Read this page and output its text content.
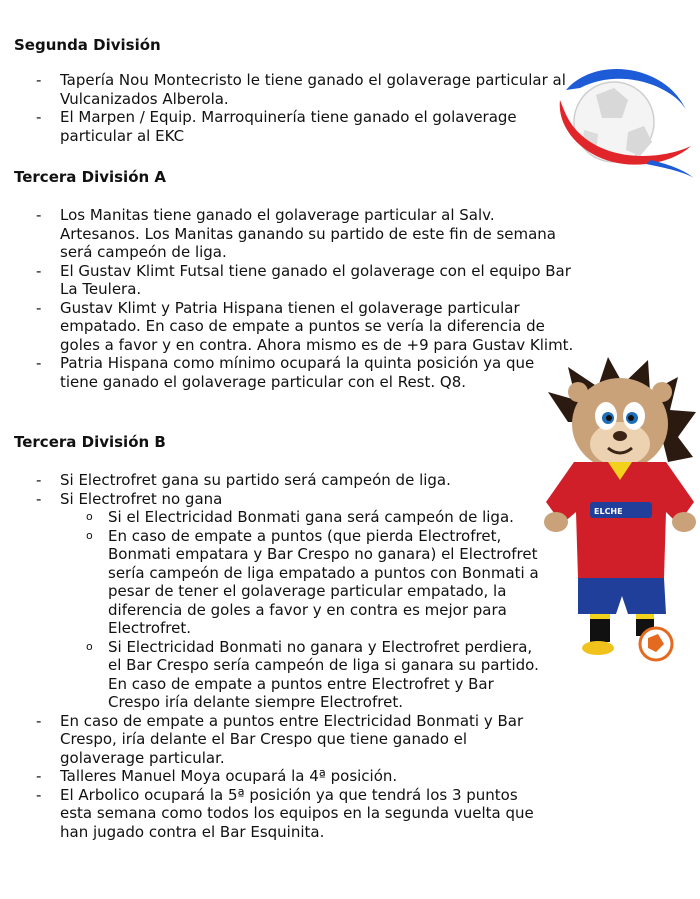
Segunda División
- Tapería Nou Montecristo le tiene ganado el golaverage particular al Vulcanizados Alberola.
- El Marpen / Equip. Marroquinería tiene ganado el golaverage particular al EKC
Tercera División A
- Los Manitas tiene ganado el golaverage particular al Salv. Artesanos. Los Manitas ganando su partido de este fin de semana será campeón de liga.
- El Gustav Klimt Futsal tiene ganado el golaverage con el equipo Bar La Teulera.
- Gustav Klimt y Patria Hispana tienen el golaverage particular empatado. En caso de empate a puntos se vería la diferencia de goles a favor y en contra. Ahora mismo es de +9 para Gustav Klimt.
- Patria Hispana como mínimo ocupará la quinta posición ya que tiene ganado el golaverage particular con el Rest. Q8.
Tercera División B
- Si Electrofret gana su partido será campeón de liga.
- Si Electrofret no gana
o Si el Electricidad Bonmati gana será campeón de liga.
o En caso de empate a puntos (que pierda Electrofret, Bonmati empatara y Bar Crespo no ganara) el Electrofret sería campeón de liga empatado a puntos con Bonmati a pesar de tener el golaverage particular empatado, la diferencia de goles a favor y en contra es mejor para Electrofret.
o Si Electricidad Bonmati no ganara y Electrofret perdiera, el Bar Crespo sería campeón de liga si ganara su partido. En caso de empate a puntos entre Electrofret y Bar Crespo iría delante siempre Electrofret.
- En caso de empate a puntos entre Electricidad Bonmati y Bar Crespo, iría delante el Bar Crespo que tiene ganado el golaverage particular.
- Talleres Manuel Moya ocupará la 4ª posición.
- El Arbolico ocupará la 5ª posición ya que tendrá los 3 puntos esta semana como todos los equipos en la segunda vuelta que han jugado contra el Bar Esquinita.
ELCHE
